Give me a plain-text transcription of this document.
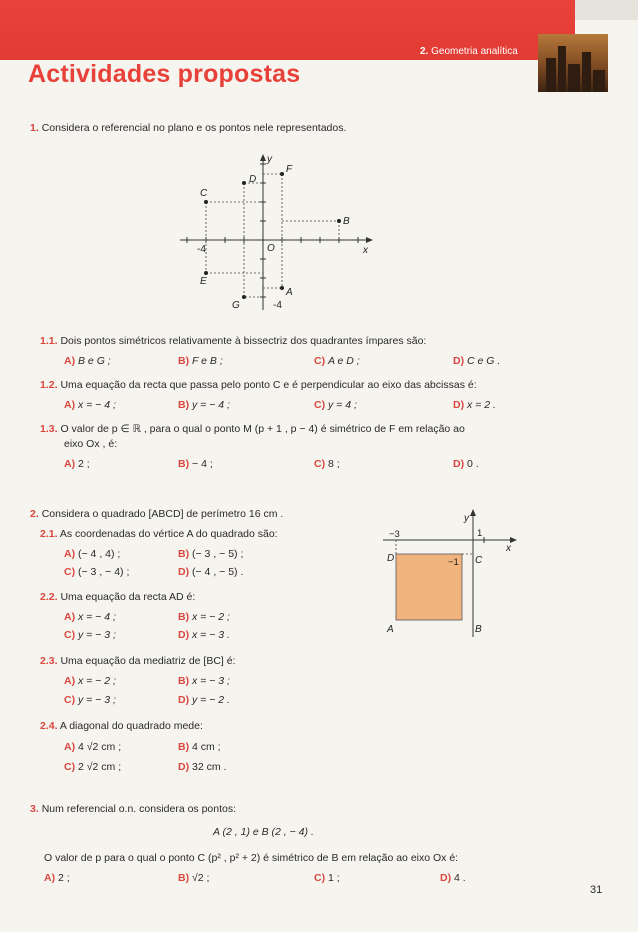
2. Geometria analítica
Actividades propostas
1. Considera o referencial no plano e os pontos nele representados.
y
x
F
D
C
B
O
E
A
G
-4
-4
1.1. Dois pontos simétricos relativamente à bissectriz dos quadrantes ímpares são:
A) B e G ;	B) F e B ;	C) A e D ;	D) C e G .
1.2. Uma equação da recta que passa pelo ponto C e é perpendicular ao eixo das abcissas é:
A) x = − 4 ;	B) y = − 4 ;	C) y = 4 ;	D) x = 2 .
1.3. O valor de p ∈ ℝ , para o qual o ponto M (p + 1 , p − 4) é simétrico de F em relação ao
eixo Ox , é:
A) 2 ;	B) − 4 ;	C) 8 ;	D) 0 .
2. Considera o quadrado [ABCD] de perímetro 16 cm .
−3	1
−1
y
x
D	C
A	B
2.1. As coordenadas do vértice A do quadrado são:
A) (− 4 , 4) ;	B) (− 3 , − 5) ;
C) (− 3 , − 4) ;	D) (− 4 , − 5) .
2.2. Uma equação da recta AD é:
A) x = − 4 ;	B) x = − 2 ;
C) y = − 3 ;	D) x = − 3 .
2.3. Uma equação da mediatriz de [BC] é:
A) x = − 2 ;	B) x = − 3 ;
C) y = − 3 ;	D) y = − 2 .
2.4. A diagonal do quadrado mede:
A) 4 √2 cm ;	B) 4 cm ;
C) 2 √2 cm ;	D) 32 cm .
3. Num referencial o.n. considera os pontos:
A (2 , 1) e B (2 , − 4) .
O valor de p para o qual o ponto C (p² , p² + 2) é simétrico de B em relação ao eixo Ox é:
A) 2 ;	B) √2 ;	C) 1 ;	D) 4 .
31
